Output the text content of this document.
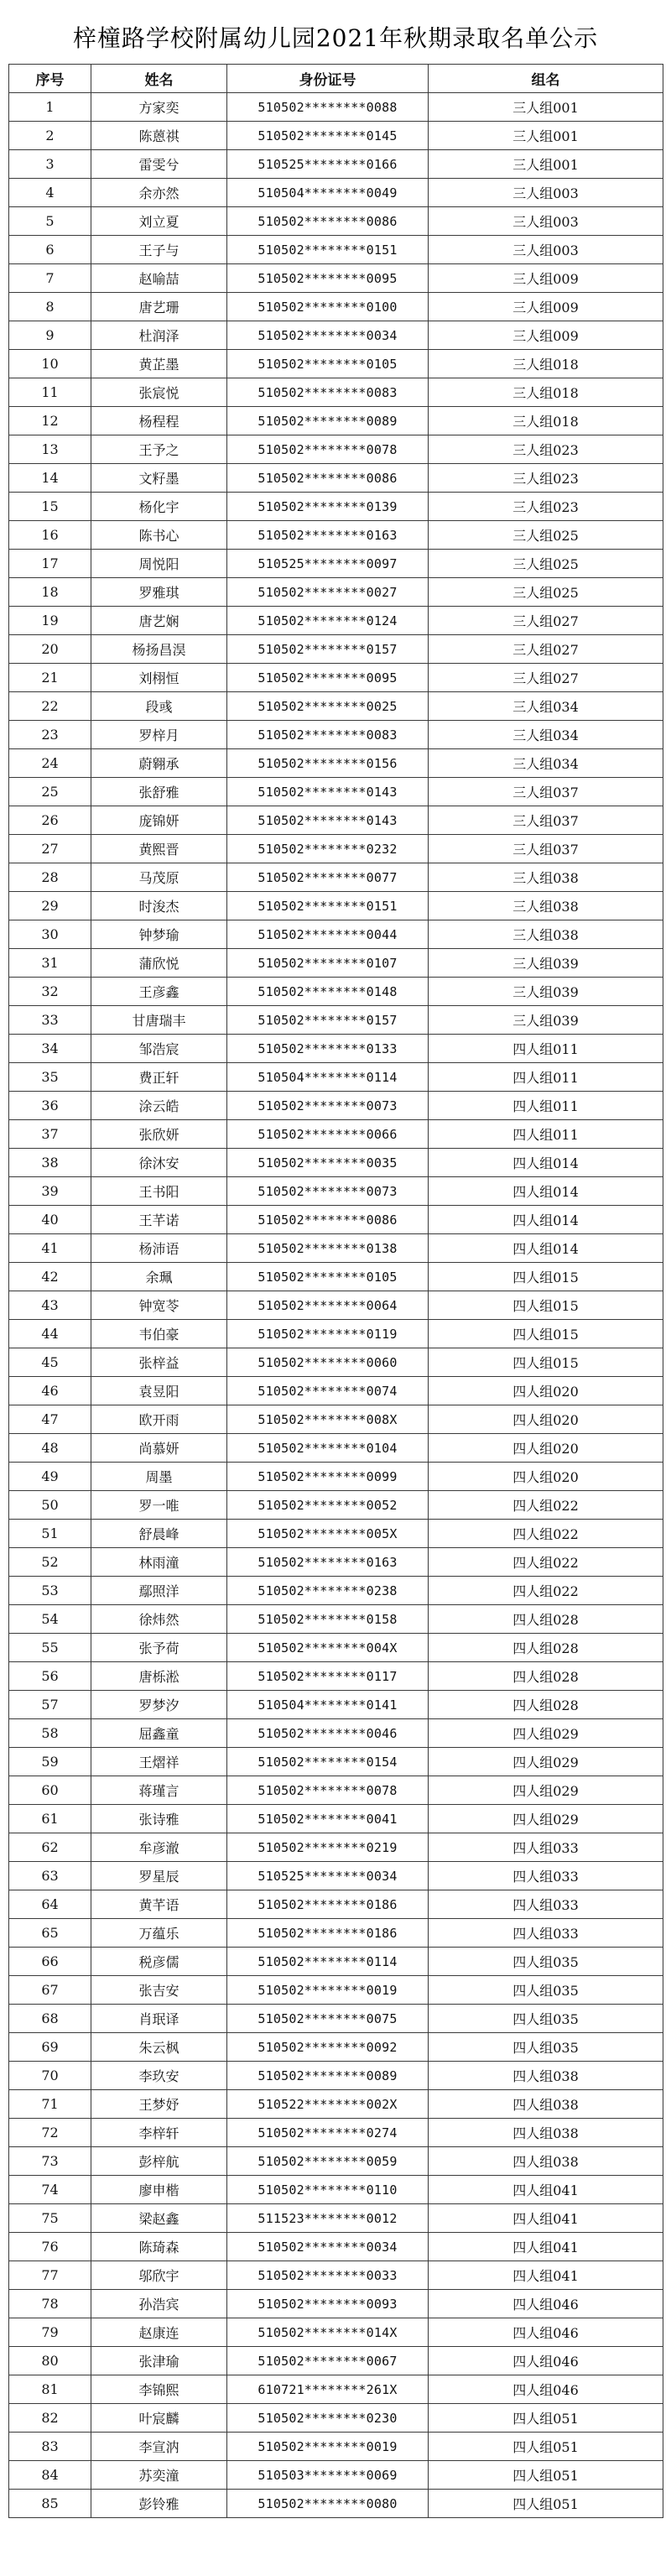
梓橦路学校附属幼儿园2021年秋期录取名单公示
序号	姓名	身份证号	组名
1	方家奕	510502********0088	三人组001
2	陈蒽祺	510502********0145	三人组001
3	雷雯兮	510525********0166	三人组001
4	余亦然	510504********0049	三人组003
5	刘立夏	510502********0086	三人组003
6	王子与	510502********0151	三人组003
7	赵喻喆	510502********0095	三人组009
8	唐艺珊	510502********0100	三人组009
9	杜润泽	510502********0034	三人组009
10	黄芷墨	510502********0105	三人组018
11	张宸悦	510502********0083	三人组018
12	杨程程	510502********0089	三人组018
13	王予之	510502********0078	三人组023
14	文籽墨	510502********0086	三人组023
15	杨化宇	510502********0139	三人组023
16	陈书心	510502********0163	三人组025
17	周悦阳	510525********0097	三人组025
18	罗雅琪	510502********0027	三人组025
19	唐艺娴	510502********0124	三人组027
20	杨扬昌淏	510502********0157	三人组027
21	刘栩恒	510502********0095	三人组027
22	段彧	510502********0025	三人组034
23	罗梓月	510502********0083	三人组034
24	蔚翱承	510502********0156	三人组034
25	张舒雅	510502********0143	三人组037
26	庞锦妍	510502********0143	三人组037
27	黄熙晋	510502********0232	三人组037
28	马茂原	510502********0077	三人组038
29	时浚杰	510502********0151	三人组038
30	钟梦瑜	510502********0044	三人组038
31	蒲欣悦	510502********0107	三人组039
32	王彦鑫	510502********0148	三人组039
33	甘唐瑞丰	510502********0157	三人组039
34	邹浩宸	510502********0133	四人组011
35	费正轩	510504********0114	四人组011
36	涂云皓	510502********0073	四人组011
37	张欣妍	510502********0066	四人组011
38	徐沐安	510502********0035	四人组014
39	王书阳	510502********0073	四人组014
40	王芊诺	510502********0086	四人组014
41	杨沛语	510502********0138	四人组014
42	余珮	510502********0105	四人组015
43	钟宽苓	510502********0064	四人组015
44	韦伯豪	510502********0119	四人组015
45	张梓益	510502********0060	四人组015
46	袁昱阳	510502********0074	四人组020
47	欧开雨	510502********008X	四人组020
48	尚慕妍	510502********0104	四人组020
49	周墨	510502********0099	四人组020
50	罗一唯	510502********0052	四人组022
51	舒晨峰	510502********005X	四人组022
52	林雨潼	510502********0163	四人组022
53	鄢照洋	510502********0238	四人组022
54	徐炜然	510502********0158	四人组028
55	张予荷	510502********004X	四人组028
56	唐栎淞	510502********0117	四人组028
57	罗梦汐	510504********0141	四人组028
58	屈鑫童	510502********0046	四人组029
59	王熠祥	510502********0154	四人组029
60	蒋瑾言	510502********0078	四人组029
61	张诗雅	510502********0041	四人组029
62	牟彦澈	510502********0219	四人组033
63	罗星辰	510525********0034	四人组033
64	黄芊语	510502********0186	四人组033
65	万蕴乐	510502********0186	四人组033
66	税彦儒	510502********0114	四人组035
67	张吉安	510502********0019	四人组035
68	肖珉译	510502********0075	四人组035
69	朱云枫	510502********0092	四人组035
70	李玖安	510502********0089	四人组038
71	王梦妤	510522********002X	四人组038
72	李梓轩	510502********0274	四人组038
73	彭梓航	510502********0059	四人组038
74	廖申楷	510502********0110	四人组041
75	梁赵鑫	511523********0012	四人组041
76	陈琦森	510502********0034	四人组041
77	邬欣宇	510502********0033	四人组041
78	孙浩宾	510502********0093	四人组046
79	赵康连	510502********014X	四人组046
80	张津瑜	510502********0067	四人组046
81	李锦熙	610721********261X	四人组046
82	叶宸麟	510502********0230	四人组051
83	李宣汭	510502********0019	四人组051
84	苏奕潼	510503********0069	四人组051
85	彭铃雅	510502********0080	四人组051
